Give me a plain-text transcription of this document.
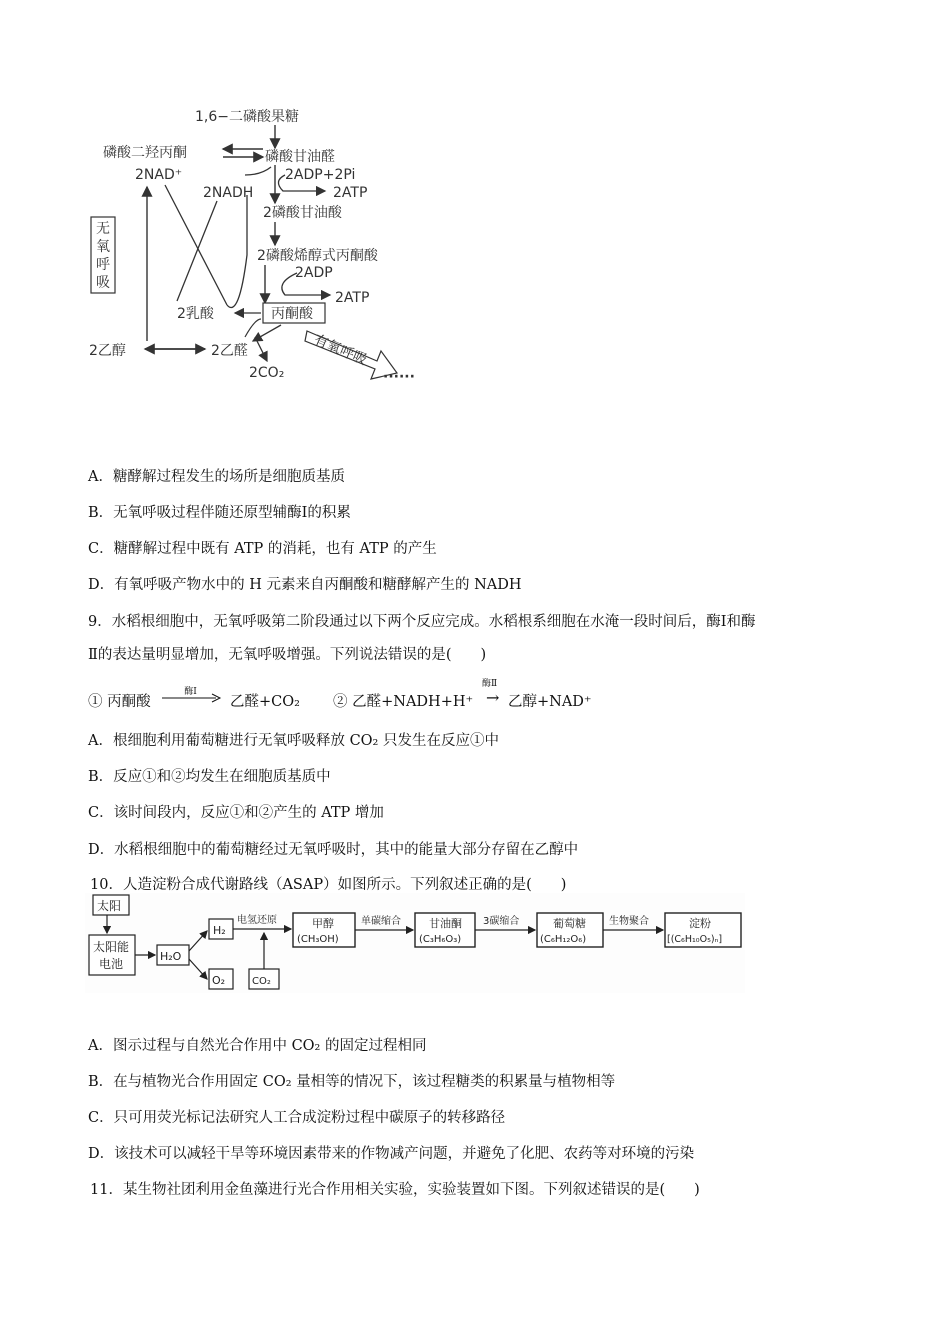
1,6−二磷酸果糖
磷酸二羟丙酮	磷酸甘油醛
2NAD⁺	2ADP+2Pi
2NADH	2ATP
2磷酸甘油酸
2磷酸烯醇式丙酮酸
2ADP
2ATP
无
氧
呼
吸
丙酮酸
2乳酸
2乙醇	2乙醛
2CO₂
有氧呼吸
······
A．糖酵解过程发生的场所是细胞质基质
B．无氧呼吸过程伴随还原型辅酶Ⅰ的积累
C．糖酵解过程中既有 ATP 的消耗，也有 ATP 的产生
D．有氧呼吸产物水中的 H 元素来自丙酮酸和糖酵解产生的 NADH
9．水稻根细胞中，无氧呼吸第二阶段通过以下两个反应完成。水稻根系细胞在水淹一段时间后，酶Ⅰ和酶
Ⅱ的表达量明显增加，无氧呼吸增强。下列说法错误的是(　　)
① 丙酮酸
酶Ⅰ
乙醛+CO₂ ② 乙醛+NADH+H⁺
酶Ⅱ
→ 乙醇+NAD⁺
A．根细胞利用葡萄糖进行无氧呼吸释放 CO₂ 只发生在反应①中
B．反应①和②均发生在细胞质基质中
C．该时间段内，反应①和②产生的 ATP 增加
D．水稻根细胞中的葡萄糖经过无氧呼吸时，其中的能量大部分存留在乙醇中
10．人造淀粉合成代谢路线（ASAP）如图所示。下列叙述正确的是(　　)
太阳
太阳能
电池
H₂O
H₂
O₂
电氢还原
CO₂
甲醇
(CH₃OH)
单碳缩合	甘油酮
(C₃H₆O₃)
3碳缩合	葡萄糖
(C₆H₁₂O₆)
生物聚合	淀粉
[(C₆H₁₀O₅)ₙ]
A．图示过程与自然光合作用中 CO₂ 的固定过程相同
B．在与植物光合作用固定 CO₂ 量相等的情况下，该过程糖类的积累量与植物相等
C．只可用荧光标记法研究人工合成淀粉过程中碳原子的转移路径
D．该技术可以减轻干旱等环境因素带来的作物减产问题，并避免了化肥、农药等对环境的污染
11．某生物社团利用金鱼藻进行光合作用相关实验，实验装置如下图。下列叙述错误的是(　　)
